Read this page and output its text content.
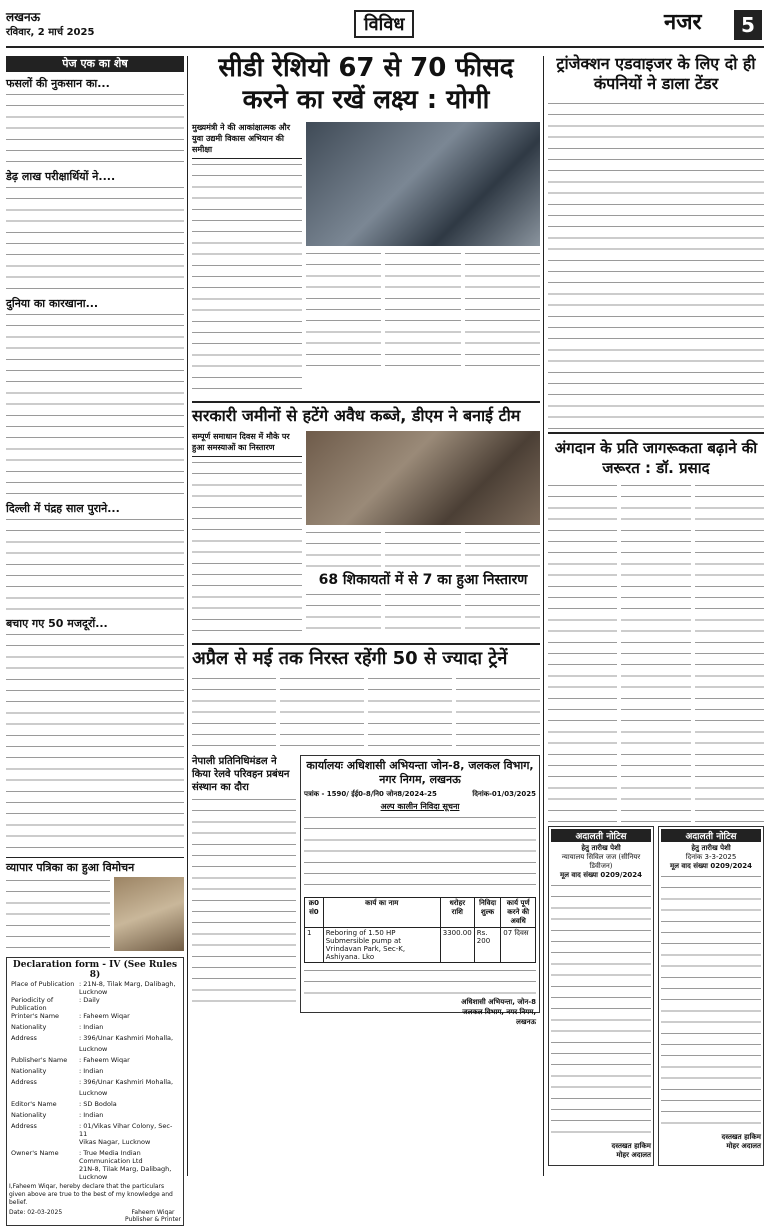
लखनऊ
रविवार, 2 मार्च 2025	विविध	नजर	5
पेज एक का शेष
फसलों की नुकसान का...
डेढ़ लाख परीक्षार्थियों ने....
दुनिया का कारखाना...
दिल्ली में पंद्रह साल पुराने...
बचाए गए 50 मजदूरों...
व्यापार पत्रिका का हुआ विमोचन
Declaration form - IV (See Rules 8)
Place of Publication	: 21N-8, Tilak Marg, Dalibagh, Lucknow
Periodicity of Publication	: Daily
Printer's Name	: Faheem Wiqar
Nationality	: Indian
Address	: 396/Unar Kashmiri Mohalla,
	Lucknow
Publisher's Name	: Faheem Wiqar
Nationality	: Indian
Address	: 396/Unar Kashmiri Mohalla,
	Lucknow
Editor's Name	: SD Bodola
Nationality	: Indian
Address	: 01/Vikas Vihar Colony, Sec-11
	Vikas Nagar, Lucknow
Owner's Name	: True Media Indian Communication Ltd
	21N-8, Tilak Marg, Dalibagh, Lucknow
I,Faheem Wiqar, hereby declare that the particulars given above are true to the best of my knowledge and belief.
Date: 02-03-2025	Faheem Wiqar
Publisher & Printer
सीडी रेशियो 67 से 70 फीसद करने का रखें लक्ष्य : योगी
मुख्यमंत्री ने की आकांक्षात्मक और युवा उद्यमी विकास अभियान की समीक्षा
सरकारी जमीनों से हटेंगे अवैध कब्जे, डीएम ने बनाई टीम
सम्पूर्ण समाधान दिवस में मौके पर हुआ समस्याओं का निस्तारण
68 शिकायतों में से 7 का हुआ निस्तारण
अप्रैल से मई तक निरस्त रहेंगी 50 से ज्यादा ट्रेनें
नेपाली प्रतिनिधिमंडल ने किया रेलवे परिवहन प्रबंधन संस्थान का दौरा
कार्यालयः अधिशासी अभियन्ता जोन-8, जलकल विभाग, नगर निगम, लखनऊ
पत्रांक - 1590/ ईई0-8/नि0 जोन8/2024-25	दिनांक-01/03/2025
अल्प कालीन निविदा सूचना
क्र0 सं0	कार्य का नाम	धरोहर राशि	निविदा शुल्क	कार्य पूर्ण करने की अवधि
1	Reboring of 1.50 HP Submersible pump at Vrindavan Park, Sec-K, Ashiyana. Lko	3300.00	Rs. 200	07 दिवस
अधिशासी अभियन्ता, जोन-8
जलकल विभाग, नगर निगम,
लखनऊ
ट्रांजेक्शन एडवाइजर के लिए दो ही कंपनियों ने डाला टेंडर
अंगदान के प्रति जागरूकता बढ़ाने की जरूरत : डॉ. प्रसाद
अदालती नोटिस
हेतु तारीख पेशी
न्यायालय सिविल जज (सीनियर डिवीजन)
मूल वाद संख्या 0209/2024
दस्तखत हाकिम
मोहर अदालत
अदालती नोटिस
हेतु तारीख पेशी
दिनांक 3-3-2025
मूल वाद संख्या 0209/2024
दस्तखत हाकिम
मोहर अदालत
